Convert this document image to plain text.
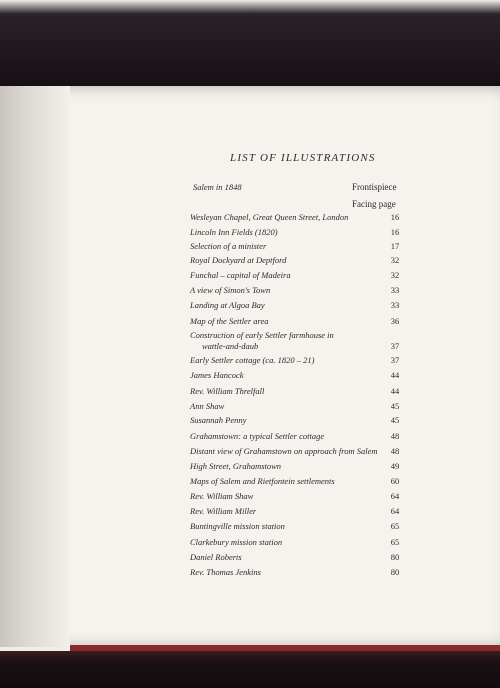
LIST OF ILLUSTRATIONS
Salem in 1848	Frontispiece
Facing page
Wesleyan Chapel, Great Queen Street, London	16
Lincoln Inn Fields (1820)	16
Selection of a minister	17
Royal Dockyard at Deptford	32
Funchal – capital of Madeira	32
A view of Simon's Town	33
Landing at Algoa Bay	33
Map of the Settler area	36
Construction of early Settler farmhouse in
wattle-and-daub	37
Early Settler cottage (ca. 1820 – 21)	37
James Hancock	44
Rev. William Threlfall	44
Ann Shaw	45
Susannah Penny	45
Grahamstown: a typical Settler cottage	48
Distant view of Grahamstown on approach from Salem	48
High Street, Grahamstown	49
Maps of Salem and Rietfontein settlements	60
Rev. William Shaw	64
Rev. William Miller	64
Buntingville mission station	65
Clarkebury mission station	65
Daniel Roberts	80
Rev. Thomas Jenkins	80
